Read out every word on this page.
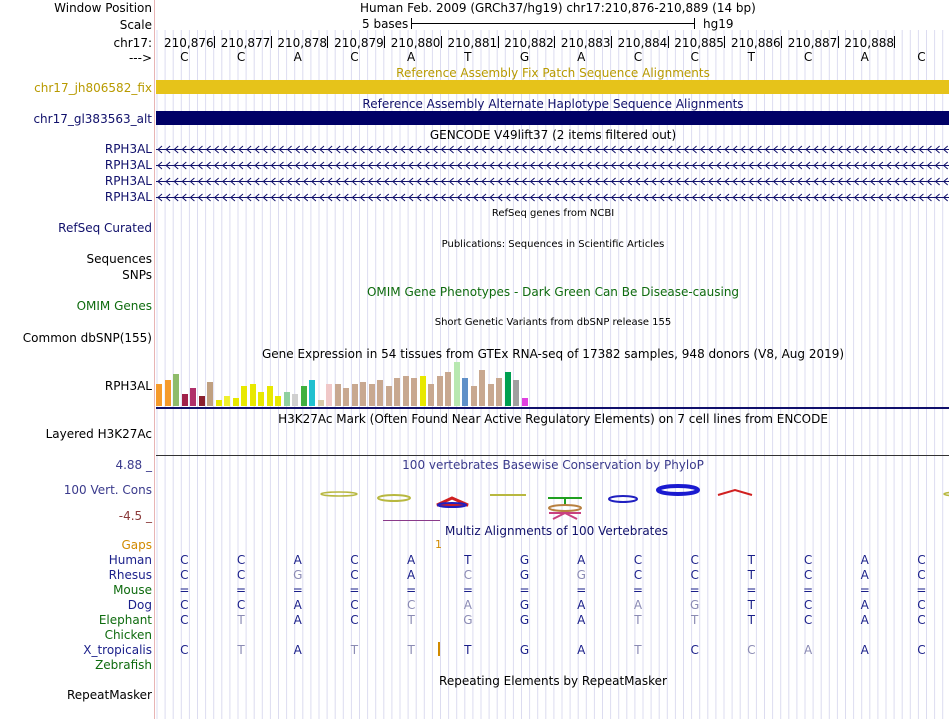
Window Position	Human Feb. 2009 (GRCh37/hg19) chr17:210,876-210,889 (14 bp)
Scale	5 bases	hg19
chr17:
--->
210,876 210,877 210,878 210,879 210,880 210,881 210,882 210,883 210,884 210,885 210,886 210,887 210,888
C	C	A	C	A	T	G	A	C	C	T	C	A	C
Reference Assembly Fix Patch Sequence Alignments
chr17_jh806582_fix
Reference Assembly Alternate Haplotype Sequence Alignments
chr17_gl383563_alt
GENCODE V49lift37 (2 items filtered out)
RPH3AL
RPH3AL
RPH3AL
RPH3AL
RefSeq genes from NCBI
RefSeq Curated
Publications: Sequences in Scientific Articles
Sequences
SNPs
OMIM Gene Phenotypes - Dark Green Can Be Disease-causing
OMIM Genes
Short Genetic Variants from dbSNP release 155
Common dbSNP(155)
Gene Expression in 54 tissues from GTEx RNA-seq of 17382 samples, 948 donors (V8, Aug 2019)
RPH3AL
H3K27Ac Mark (Often Found Near Active Regulatory Elements) on 7 cell lines from ENCODE
Layered H3K27Ac
100 vertebrates Basewise Conservation by PhyloP
4.88 _
100 Vert. Cons
-4.5 _
Multiz Alignments of 100 Vertebrates
Gaps	1
Human	C	C	A	C	A	T	G	A	C	C	T	C	A	C
Rhesus	C	C	G	C	A	C	G	G	C	C	T	C	A	C
Mouse	=	=	=	=	=	=	=	=	=	=	=	=	=	=
Dog	C	C	A	C	C	A	G	A	A	G	T	C	A	C
Elephant	C	T	A	C	T	G	G	A	T	T	T	C	A	C
Chicken
X_tropicalis	C	T	A	T	T	T	G	A	T	C	C	A	A	C
Zebrafish
Repeating Elements by RepeatMasker
RepeatMasker
